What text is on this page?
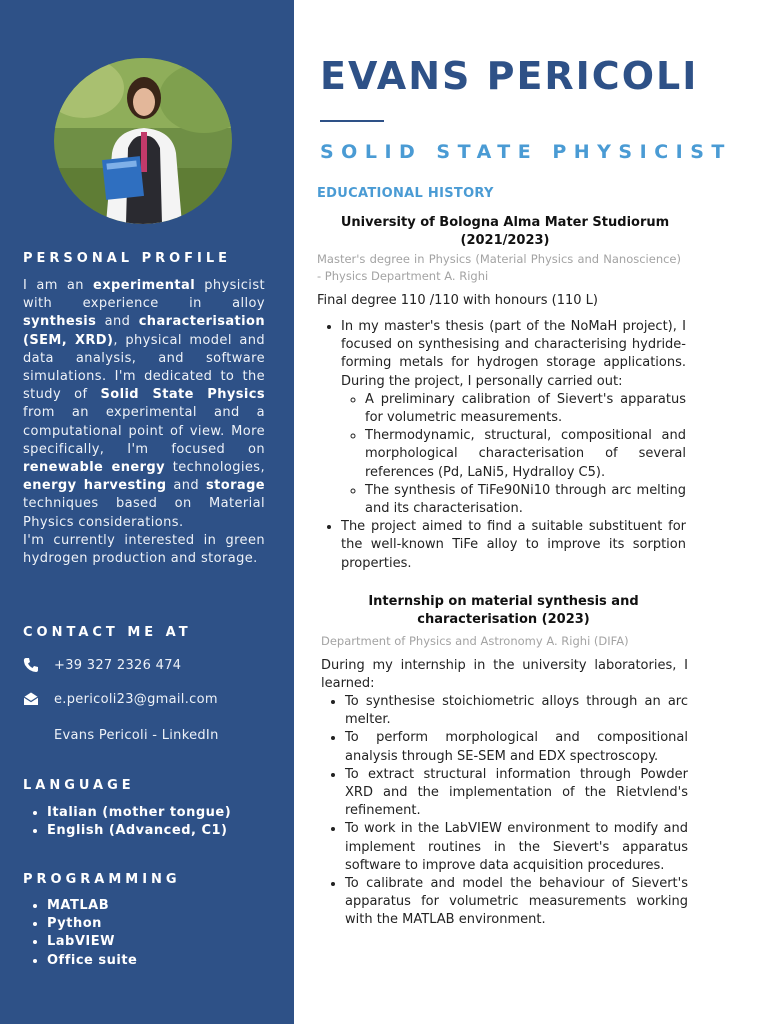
PERSONAL PROFILE
I am an experimental physicist with experience in alloy synthesis and characterisation (SEM, XRD), physical model and data analysis, and software simulations. I'm dedicated to the study of Solid State Physics from an experimental and a computational point of view. More specifically, I'm focused on renewable energy technologies, energy harvesting and storage techniques based on Material Physics considerations.
I'm currently interested in green hydrogen production and storage.
CONTACT ME AT
+39 327 2326 474
e.pericoli23@gmail.com
Evans Pericoli - LinkedIn
LANGUAGE
• Italian (mother tongue)
• English (Advanced, C1)
PROGRAMMING
• MATLAB
• Python
• LabVIEW
• Office suite
EVANS PERICOLI
SOLID STATE PHYSICIST
EDUCATIONAL HISTORY
University of Bologna Alma Mater Studiorum (2021/2023)
Master's degree in Physics (Material Physics and Nanoscience) - Physics Department A. Righi
Final degree 110 /110 with honours (110 L)
• In my master's thesis (part of the NoMaH project), I focused on synthesising and characterising hydride-forming metals for hydrogen storage applications. During the project, I personally carried out:
◦ A preliminary calibration of Sievert's apparatus for volumetric measurements.
◦ Thermodynamic, structural, compositional and morphological characterisation of several references (Pd, LaNi5, Hydralloy C5).
◦ The synthesis of TiFe90Ni10 through arc melting and its characterisation.
• The project aimed to find a suitable substituent for the well-known TiFe alloy to improve its sorption properties.
Internship on material synthesis and characterisation (2023)
Department of Physics and Astronomy A. Righi (DIFA)
During my internship in the university laboratories, I learned:
• To synthesise stoichiometric alloys through an arc melter.
• To perform morphological and compositional analysis through SE-SEM and EDX spectroscopy.
• To extract structural information through Powder XRD and the implementation of the Rietvlend's refinement.
• To work in the LabVIEW environment to modify and implement routines in the Sievert's apparatus software to improve data acquisition procedures.
• To calibrate and model the behaviour of Sievert's apparatus for volumetric measurements working with the MATLAB environment.
